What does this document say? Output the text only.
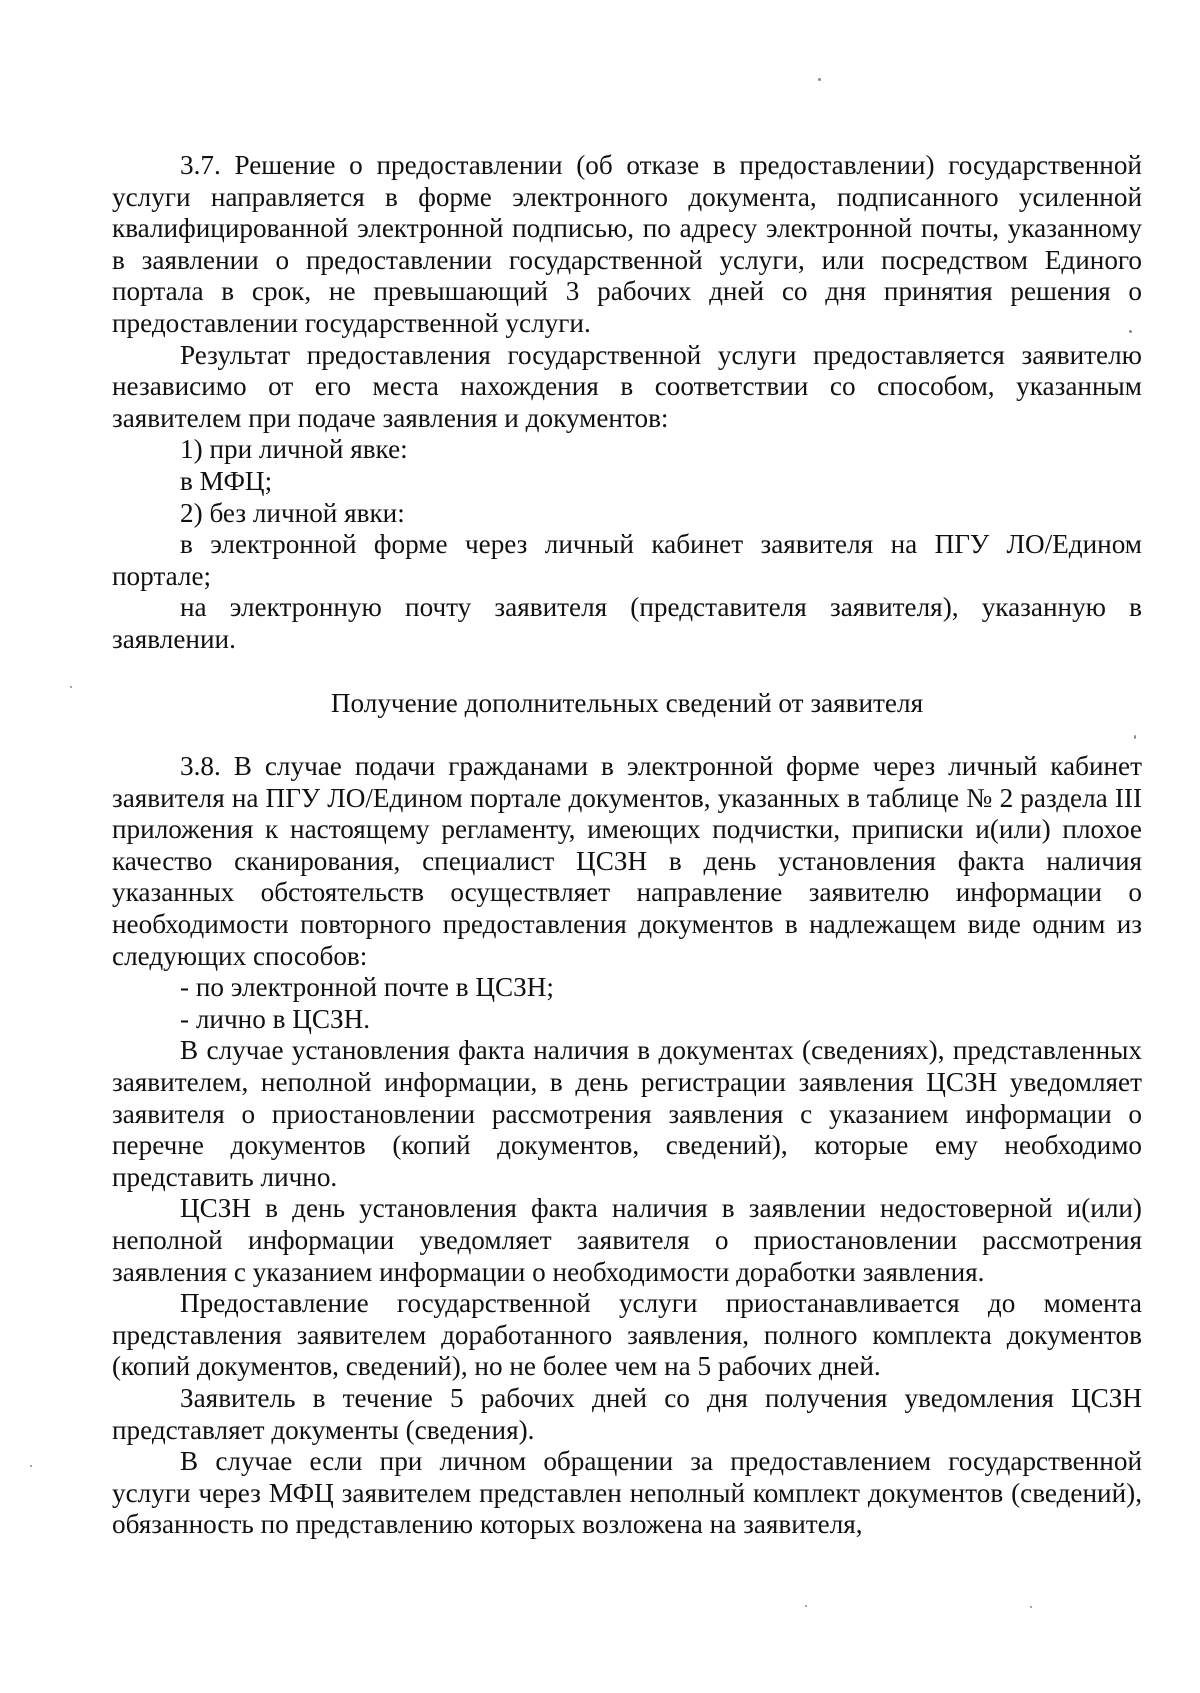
3.7. Решение о предоставлении (об отказе в предоставлении) государственной услуги направляется в форме электронного документа, подписанного усиленной квалифицированной электронной подписью, по адресу электронной почты, указанному в заявлении о предоставлении государственной услуги, или посредством Единого портала в срок, не превышающий 3 рабочих дней со дня принятия решения о предоставлении государственной услуги.

Результат предоставления государственной услуги предоставляется заявителю независимо от его места нахождения в соответствии со способом, указанным заявителем при подаче заявления и документов:

1) при личной явке:

в МФЦ;

2) без личной явки:

в электронной форме через личный кабинет заявителя на ПГУ ЛО/Едином портале;

на электронную почту заявителя (представителя заявителя), указанную в заявлении.

Получение дополнительных сведений от заявителя

3.8. В случае подачи гражданами в электронной форме через личный кабинет заявителя на ПГУ ЛО/Едином портале документов, указанных в таблице № 2 раздела III приложения к настоящему регламенту, имеющих подчистки, приписки и(или) плохое качество сканирования, специалист ЦСЗН в день установления факта наличия указанных обстоятельств осуществляет направление заявителю информации о необходимости повторного предоставления документов в надлежащем виде одним из следующих способов:

- по электронной почте в ЦСЗН;

- лично в ЦСЗН.

В случае установления факта наличия в документах (сведениях), представленных заявителем, неполной информации, в день регистрации заявления ЦСЗН уведомляет заявителя о приостановлении рассмотрения заявления с указанием информации о перечне документов (копий документов, сведений), которые ему необходимо представить лично.

ЦСЗН в день установления факта наличия в заявлении недостоверной и(или) неполной информации уведомляет заявителя о приостановлении рассмотрения заявления с указанием информации о необходимости доработки заявления.

Предоставление государственной услуги приостанавливается до момента представления заявителем доработанного заявления, полного комплекта документов (копий документов, сведений), но не более чем на 5 рабочих дней.

Заявитель в течение 5 рабочих дней со дня получения уведомления ЦСЗН представляет документы (сведения).

В случае если при личном обращении за предоставлением государственной услуги через МФЦ заявителем представлен неполный комплект документов (сведений), обязанность по представлению которых возложена на заявителя,
